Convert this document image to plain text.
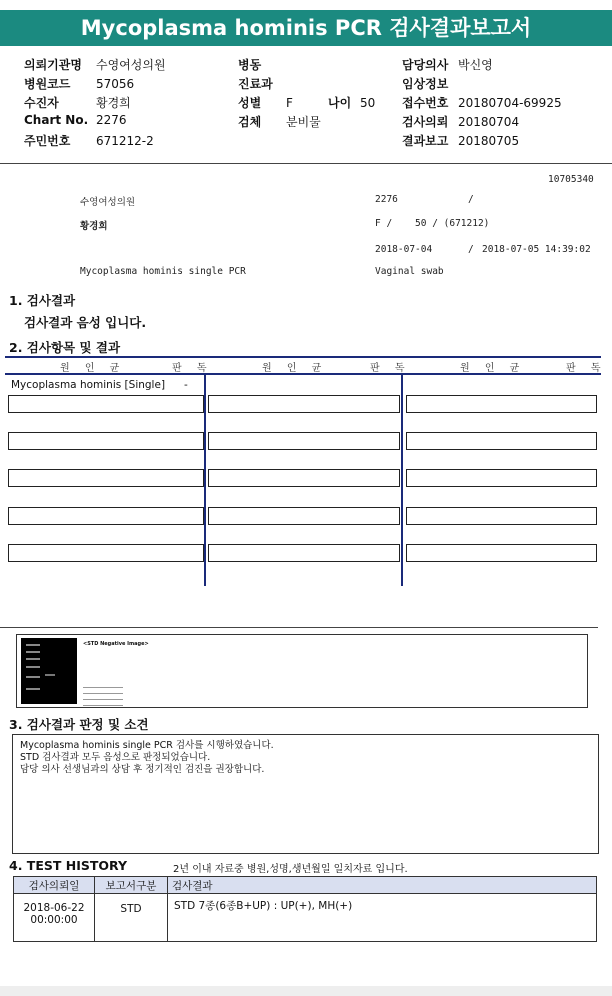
Mycoplasma hominis PCR 검사결과보고서
의뢰기관명 수영여성의원
병원코드 57056
수진자	황경희
Chart No. 2276
주민번호 671212-2
병동
진료과
성별 F	나이 50
검체 분비물
담당의사 박신영
임상정보
접수번호 20180704-69925
검사의뢰 20180704
결과보고 20180705
10705340
수영여성의원	2276	/
황경희	F /    50 / (671212)
2018-07-04	/ 2018-07-05 14:39:02
Mycoplasma hominis single PCR	Vaginal swab
1. 검사결과
검사결과 음성 입니다.
2. 검사항목 및 결과
원 인 균	판 독	원 인 균	판 독	원 인 균	판 독
Mycoplasma hominis [Single] -
<STD Negative Image>
3. 검사결과 판정 및 소견
Mycoplasma hominis single PCR 검사를 시행하였습니다.
STD 검사결과 모두 음성으로 판정되었습니다.
담당 의사 선생님과의 상담 후 정기적인 검진을 권장합니다.
4. TEST HISTORY	2년 이내 자료중 병원,성명,생년월일 일치자료 입니다.
검사의뢰일	보고서구분	검사결과

2018-06-22
00:00:00	STD	STD 7종(6종B+UP) : UP(+), MH(+)
